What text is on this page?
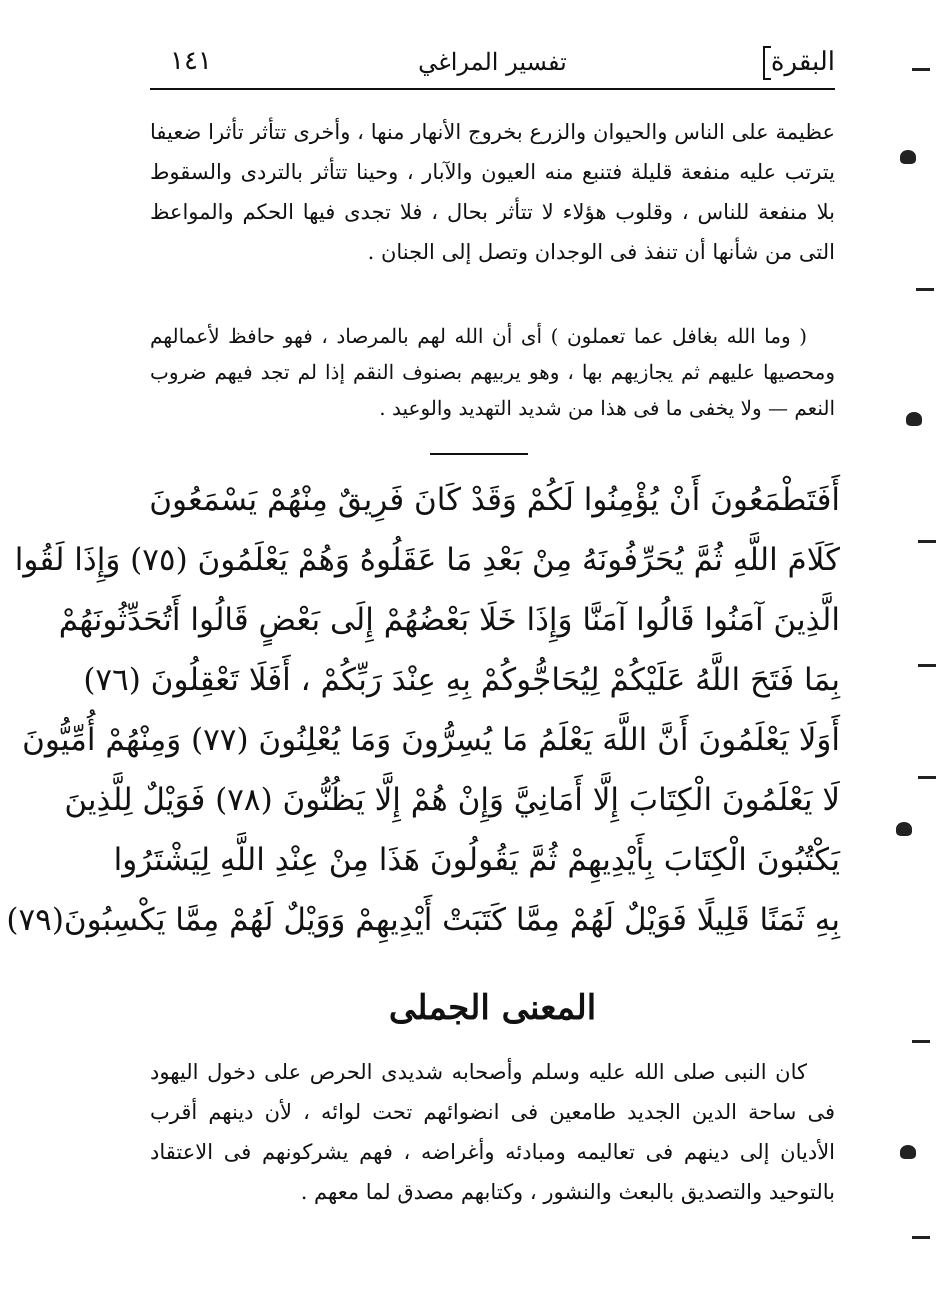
١٤١	تفسير المراغي	البقرة

عظيمة على الناس والحيوان والزرع بخروج الأنهار منها ، وأخرى تتأثر تأثرا ضعيفا يترتب عليه منفعة قليلة فتنبع منه العيون والآبار ، وحينا تتأثر بالتردى والسقوط بلا منفعة للناس ، وقلوب هؤلاء لا تتأثر بحال ، فلا تجدى فيها الحكم والمواعظ التى من شأنها أن تنفذ فى الوجدان وتصل إلى الجنان .

( وما الله بغافل عما تعملون ) أى أن الله لهم بالمرصاد ، فهو حافظ لأعمالهم ومحصيها عليهم ثم يجازيهم بها ، وهو يربيهم بصنوف النقم إذا لم تجد فيهم ضروب النعم — ولا يخفى ما فى هذا من شديد التهديد والوعيد .

أَفَتَطْمَعُونَ أَنْ يُؤْمِنُوا لَكُمْ وَقَدْ كَانَ فَرِيقٌ مِنْهُمْ يَسْمَعُونَ
كَلَامَ اللَّهِ ثُمَّ يُحَرِّفُونَهُ مِنْ بَعْدِ مَا عَقَلُوهُ وَهُمْ يَعْلَمُونَ (٧٥) وَإِذَا لَقُوا
الَّذِينَ آمَنُوا قَالُوا آمَنَّا وَإِذَا خَلَا بَعْضُهُمْ إِلَى بَعْضٍ قَالُوا أَتُحَدِّثُونَهُمْ
بِمَا فَتَحَ اللَّهُ عَلَيْكُمْ لِيُحَاجُّوكُمْ بِهِ عِنْدَ رَبِّكُمْ ، أَفَلَا تَعْقِلُونَ (٧٦)
أَوَلَا يَعْلَمُونَ أَنَّ اللَّهَ يَعْلَمُ مَا يُسِرُّونَ وَمَا يُعْلِنُونَ (٧٧) وَمِنْهُمْ أُمِّيُّونَ
لَا يَعْلَمُونَ الْكِتَابَ إِلَّا أَمَانِيَّ وَإِنْ هُمْ إِلَّا يَظُنُّونَ (٧٨) فَوَيْلٌ لِلَّذِينَ
يَكْتُبُونَ الْكِتَابَ بِأَيْدِيهِمْ ثُمَّ يَقُولُونَ هَذَا مِنْ عِنْدِ اللَّهِ لِيَشْتَرُوا
بِهِ ثَمَنًا قَلِيلًا فَوَيْلٌ لَهُمْ مِمَّا كَتَبَتْ أَيْدِيهِمْ وَوَيْلٌ لَهُمْ مِمَّا يَكْسِبُونَ(٧٩)
المعنى الجملى

كان النبى صلى الله عليه وسلم وأصحابه شديدى الحرص على دخول اليهود فى ساحة الدين الجديد طامعين فى انضوائهم تحت لوائه ، لأن دينهم أقرب الأديان إلى دينهم فى تعاليمه ومبادئه وأغراضه ، فهم يشركونهم فى الاعتقاد بالتوحيد والتصديق بالبعث والنشور ، وكتابهم مصدق لما معهم .
